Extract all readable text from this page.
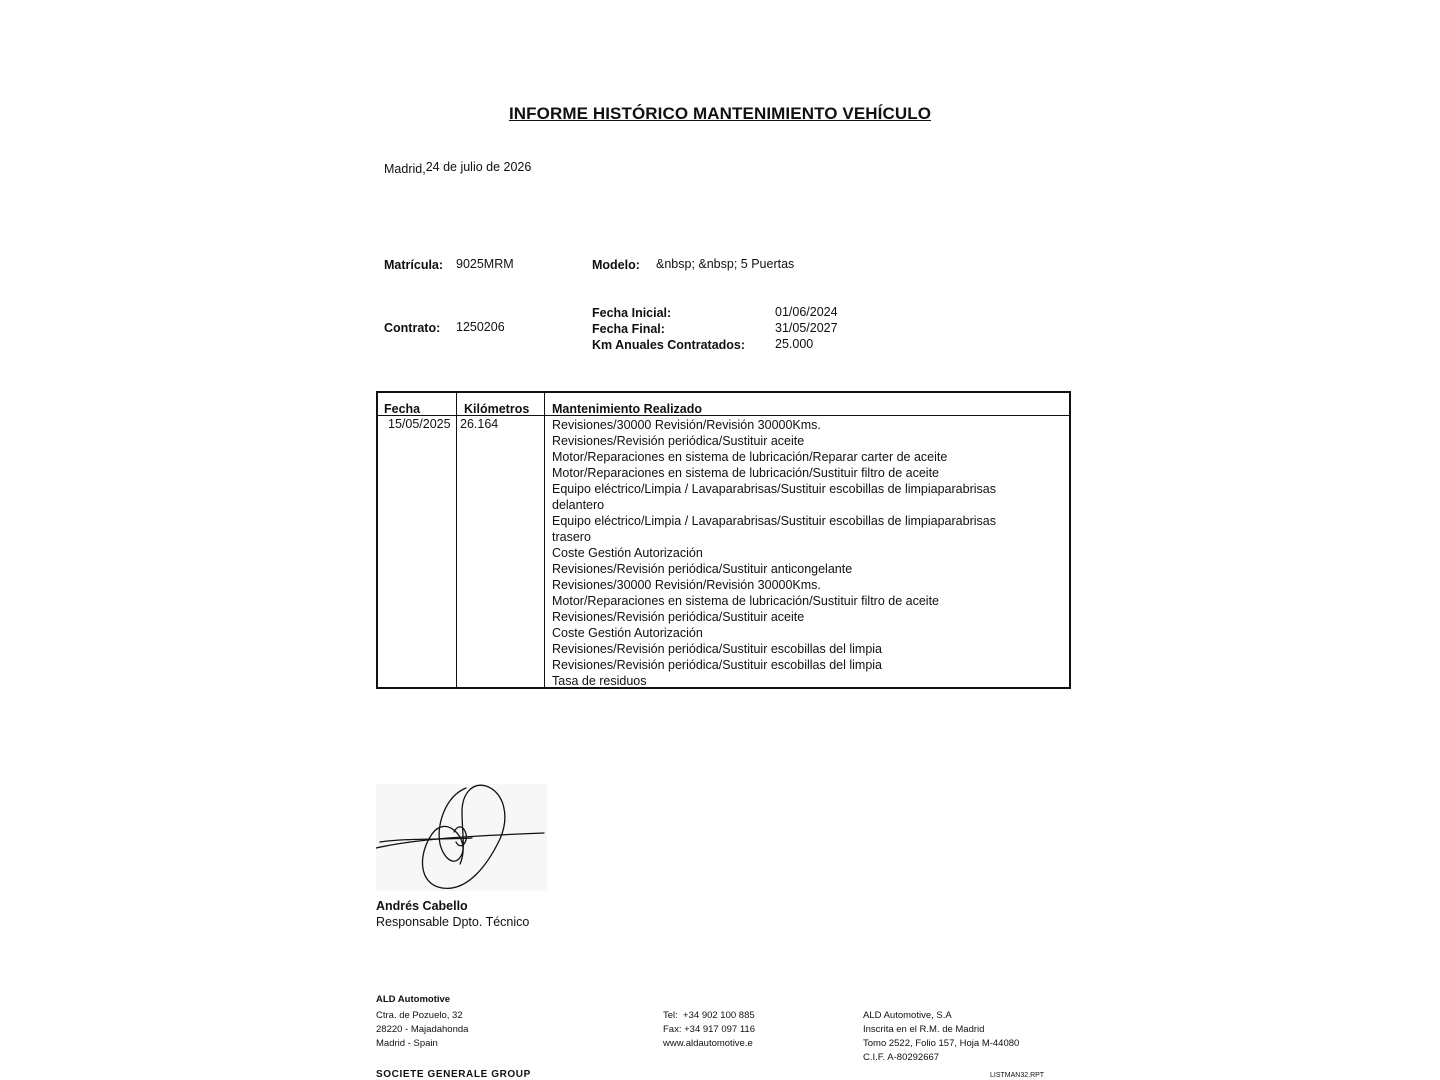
INFORME HISTÓRICO MANTENIMIENTO VEHÍCULO
Madrid,24 de julio de 2026
Matrícula: 9025MRM	Modelo: &nbsp; &nbsp; 5 Puertas
Contrato: 1250206
Fecha Inicial:	01/06/2024
Fecha Final:	31/05/2027
Km Anuales Contratados: 25.000
Fecha	Kilómetros Mantenimiento Realizado
15/05/2025 26.164	Revisiones/30000 Revisión/Revisión 30000Kms.
Revisiones/Revisión periódica/Sustituir aceite
Motor/Reparaciones en sistema de lubricación/Reparar carter de aceite
Motor/Reparaciones en sistema de lubricación/Sustituir filtro de aceite
Equipo eléctrico/Limpia / Lavaparabrisas/Sustituir escobillas de limpiaparabrisas
delantero
Equipo eléctrico/Limpia / Lavaparabrisas/Sustituir escobillas de limpiaparabrisas
trasero
Coste Gestión Autorización
Revisiones/Revisión periódica/Sustituir anticongelante
Revisiones/30000 Revisión/Revisión 30000Kms.
Motor/Reparaciones en sistema de lubricación/Sustituir filtro de aceite
Revisiones/Revisión periódica/Sustituir aceite
Coste Gestión Autorización
Revisiones/Revisión periódica/Sustituir escobillas del limpia
Revisiones/Revisión periódica/Sustituir escobillas del limpia
Tasa de residuos
Andrés Cabello
Responsable Dpto. Técnico
ALD Automotive
Ctra. de Pozuelo, 32
28220 - Majadahonda
Madrid - Spain
Tel:  +34 902 100 885
Fax: +34 917 097 116
www.aldautomotive.e
ALD Automotive, S.A
Inscrita en el R.M. de Madrid
Tomo 2522, Folio 157, Hoja M-44080
C.I.F. A-80292667
SOCIETE GENERALE GROUP	LISTMAN32.RPT
